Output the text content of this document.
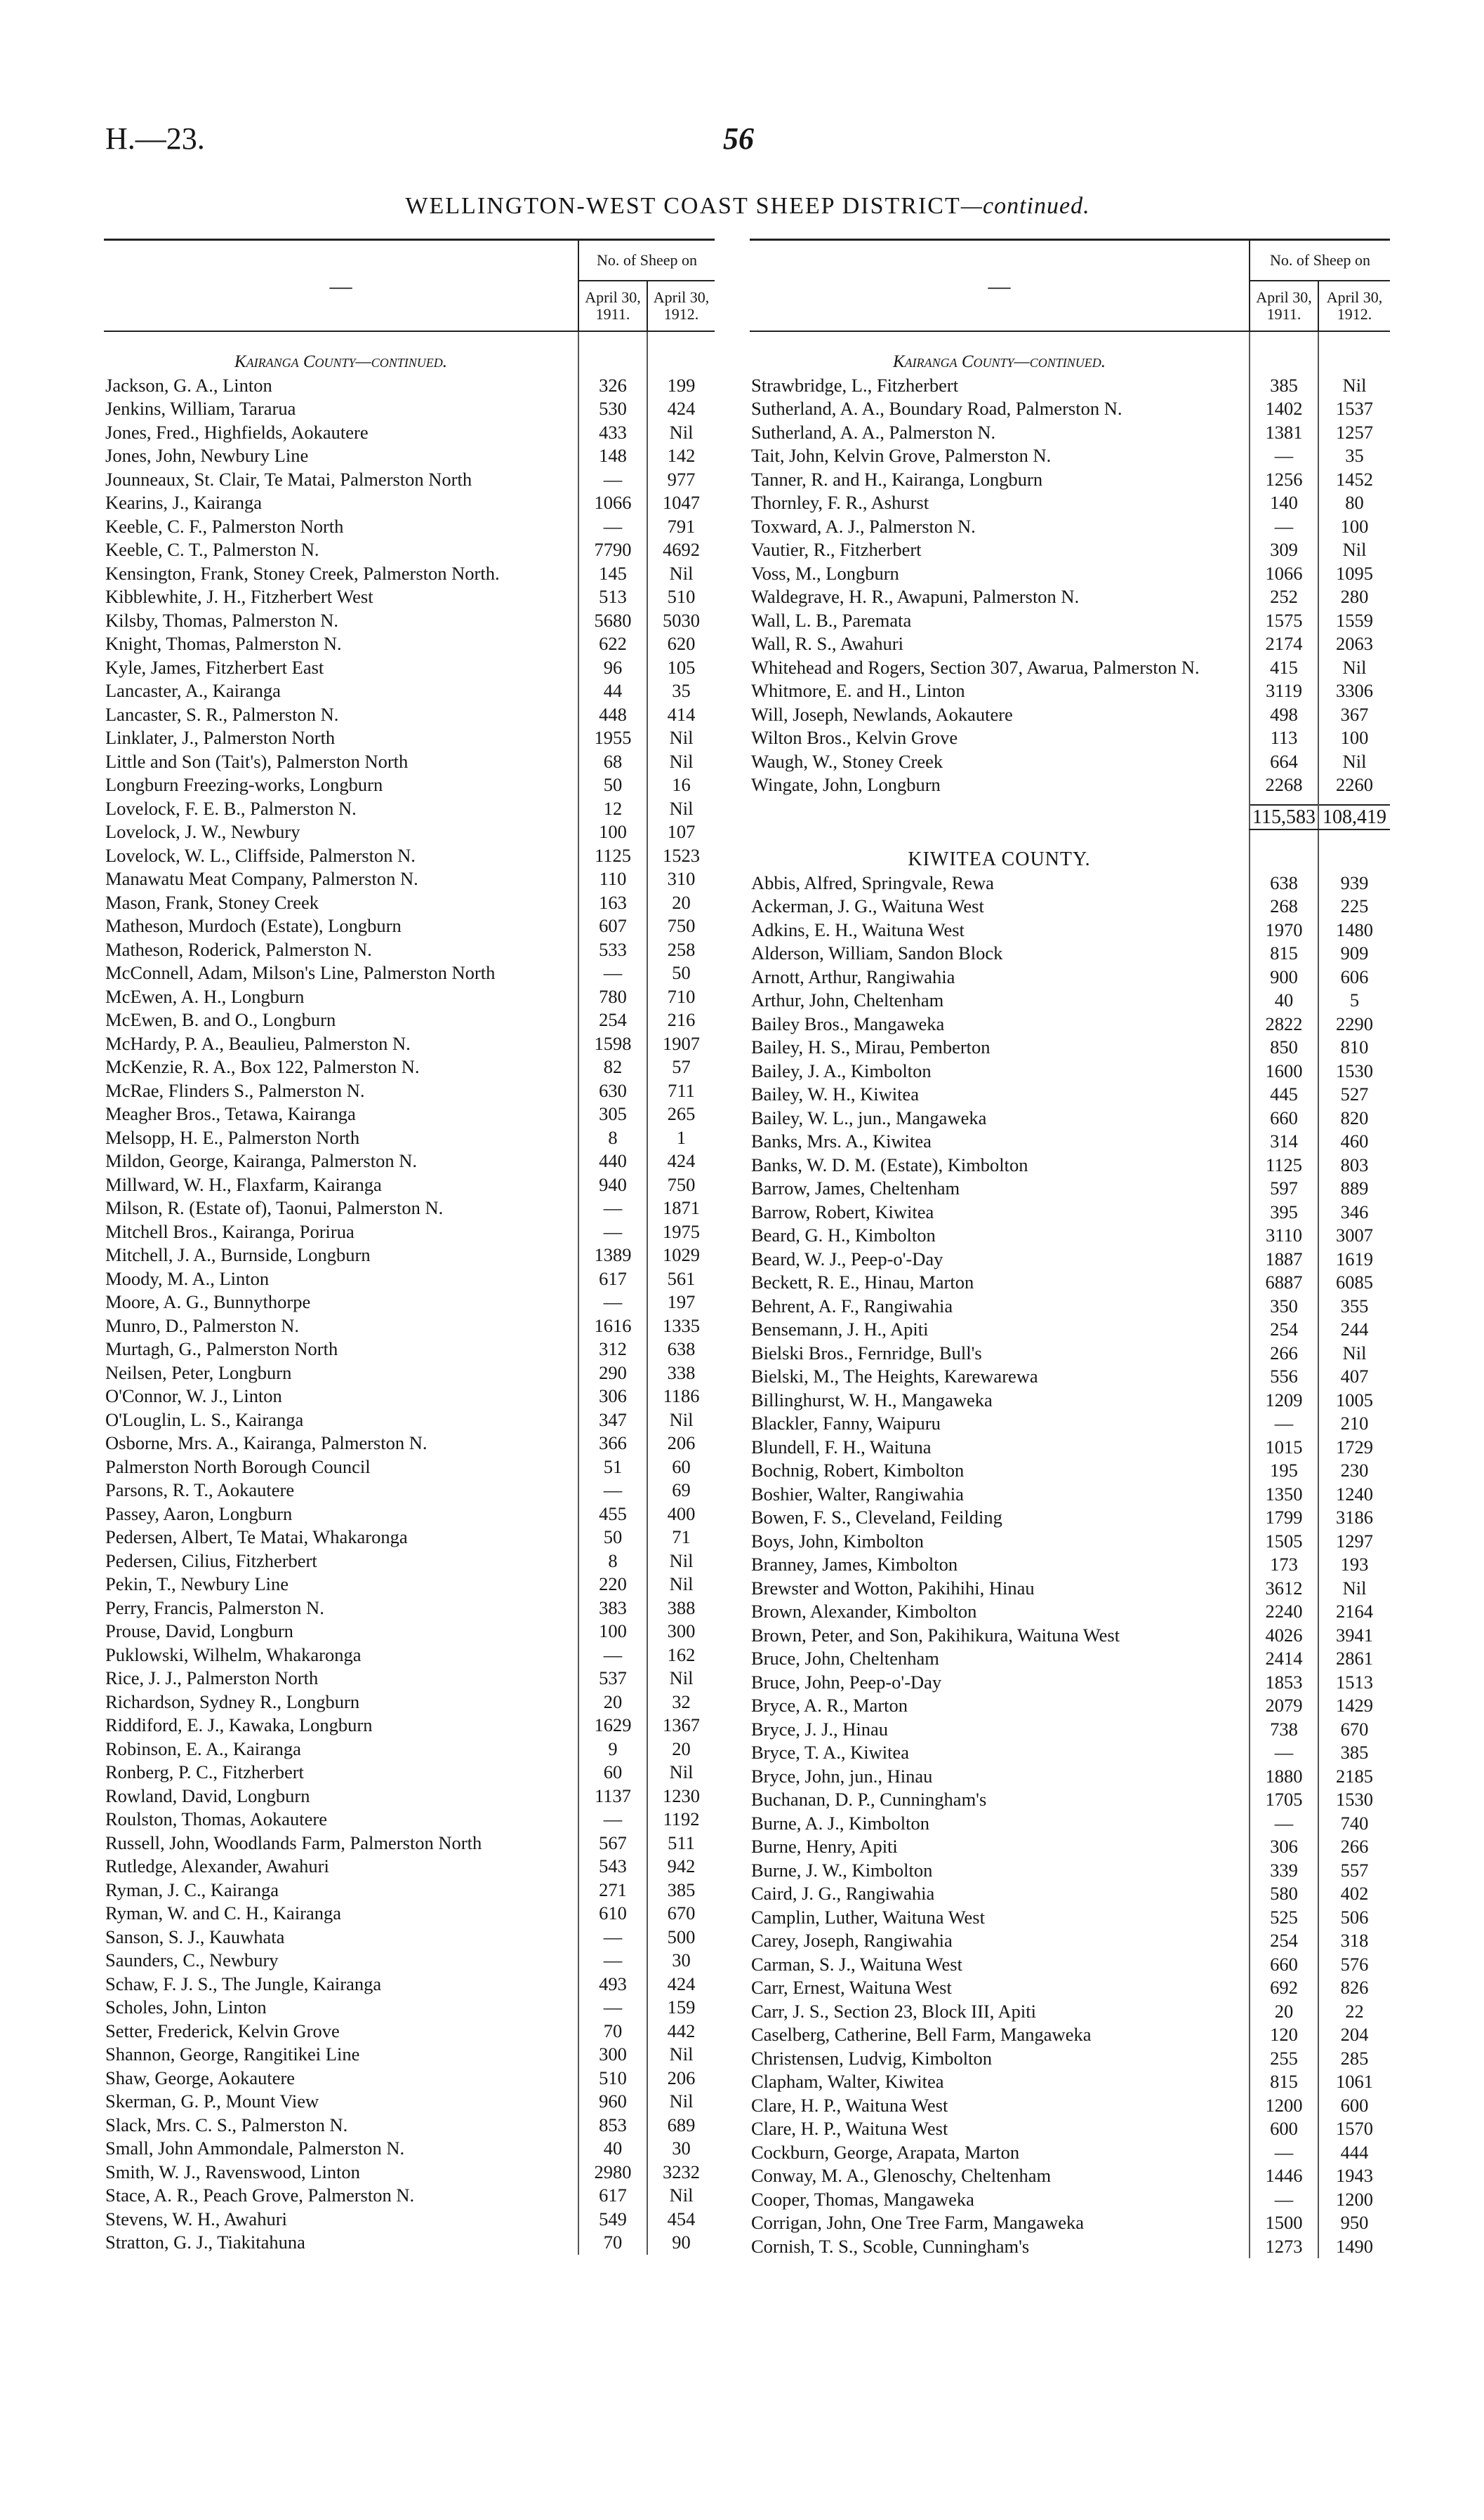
H.—23.	56
WELLINGTON-WEST COAST SHEEP DISTRICT—continued.
—	No. of Sheep on	
	April 30, 1911.	April 30, 1912.
Kairanga County—continued.		
Jackson, G. A., Linton	326	199
Jenkins, William, Tararua	530	424
Jones, Fred., Highfields, Aokautere	433	Nil
Jones, John, Newbury Line	148	142
Jounneaux, St. Clair, Te Matai, Palmerston North	—	977
Kearins, J., Kairanga	1066	1047
Keeble, C. F., Palmerston North	—	791
Keeble, C. T., Palmerston N.	7790	4692
Kensington, Frank, Stoney Creek, Palmerston North.	145	Nil
Kibblewhite, J. H., Fitzherbert West	513	510
Kilsby, Thomas, Palmerston N.	5680	5030
Knight, Thomas, Palmerston N.	622	620
Kyle, James, Fitzherbert East	96	105
Lancaster, A., Kairanga	44	35
Lancaster, S. R., Palmerston N.	448	414
Linklater, J., Palmerston North	1955	Nil
Little and Son (Tait's), Palmerston North	68	Nil
Longburn Freezing-works, Longburn	50	16
Lovelock, F. E. B., Palmerston N.	12	Nil
Lovelock, J. W., Newbury	100	107
Lovelock, W. L., Cliffside, Palmerston N.	1125	1523
Manawatu Meat Company, Palmerston N.	110	310
Mason, Frank, Stoney Creek	163	20
Matheson, Murdoch (Estate), Longburn	607	750
Matheson, Roderick, Palmerston N.	533	258
McConnell, Adam, Milson's Line, Palmerston North	—	50
McEwen, A. H., Longburn	780	710
McEwen, B. and O., Longburn	254	216
McHardy, P. A., Beaulieu, Palmerston N.	1598	1907
McKenzie, R. A., Box 122, Palmerston N.	82	57
McRae, Flinders S., Palmerston N.	630	711
Meagher Bros., Tetawa, Kairanga	305	265
Melsopp, H. E., Palmerston North	8	1
Mildon, George, Kairanga, Palmerston N.	440	424
Millward, W. H., Flaxfarm, Kairanga	940	750
Milson, R. (Estate of), Taonui, Palmerston N.	—	1871
Mitchell Bros., Kairanga, Porirua	—	1975
Mitchell, J. A., Burnside, Longburn	1389	1029
Moody, M. A., Linton	617	561
Moore, A. G., Bunnythorpe	—	197
Munro, D., Palmerston N.	1616	1335
Murtagh, G., Palmerston North	312	638
Neilsen, Peter, Longburn	290	338
O'Connor, W. J., Linton	306	1186
O'Louglin, L. S., Kairanga	347	Nil
Osborne, Mrs. A., Kairanga, Palmerston N.	366	206
Palmerston North Borough Council	51	60
Parsons, R. T., Aokautere	—	69
Passey, Aaron, Longburn	455	400
Pedersen, Albert, Te Matai, Whakaronga	50	71
Pedersen, Cilius, Fitzherbert	8	Nil
Pekin, T., Newbury Line	220	Nil
Perry, Francis, Palmerston N.	383	388
Prouse, David, Longburn	100	300
Puklowski, Wilhelm, Whakaronga	—	162
Rice, J. J., Palmerston North	537	Nil
Richardson, Sydney R., Longburn	20	32
Riddiford, E. J., Kawaka, Longburn	1629	1367
Robinson, E. A., Kairanga	9	20
Ronberg, P. C., Fitzherbert	60	Nil
Rowland, David, Longburn	1137	1230
Roulston, Thomas, Aokautere	—	1192
Russell, John, Woodlands Farm, Palmerston North	567	511
Rutledge, Alexander, Awahuri	543	942
Ryman, J. C., Kairanga	271	385
Ryman, W. and C. H., Kairanga	610	670
Sanson, S. J., Kauwhata	—	500
Saunders, C., Newbury	—	30
Schaw, F. J. S., The Jungle, Kairanga	493	424
Scholes, John, Linton	—	159
Setter, Frederick, Kelvin Grove	70	442
Shannon, George, Rangitikei Line	300	Nil
Shaw, George, Aokautere	510	206
Skerman, G. P., Mount View	960	Nil
Slack, Mrs. C. S., Palmerston N.	853	689
Small, John Ammondale, Palmerston N.	40	30
Smith, W. J., Ravenswood, Linton	2980	3232
Stace, A. R., Peach Grove, Palmerston N.	617	Nil
Stevens, W. H., Awahuri	549	454
Stratton, G. J., Tiakitahuna	70	90
—	No. of Sheep on	
	April 30, 1911.	April 30, 1912.
Kairanga County—continued.		
Strawbridge, L., Fitzherbert	385	Nil
Sutherland, A. A., Boundary Road, Palmerston N.	1402	1537
Sutherland, A. A., Palmerston N.	1381	1257
Tait, John, Kelvin Grove, Palmerston N.	—	35
Tanner, R. and H., Kairanga, Longburn	1256	1452
Thornley, F. R., Ashurst	140	80
Toxward, A. J., Palmerston N.	—	100
Vautier, R., Fitzherbert	309	Nil
Voss, M., Longburn	1066	1095
Waldegrave, H. R., Awapuni, Palmerston N.	252	280
Wall, L. B., Paremata	1575	1559
Wall, R. S., Awahuri	2174	2063
Whitehead and Rogers, Section 307, Awarua, Palmerston N.	415	Nil
Whitmore, E. and H., Linton	3119	3306
Will, Joseph, Newlands, Aokautere	498	367
Wilton Bros., Kelvin Grove	113	100
Waugh, W., Stoney Creek	664	Nil
Wingate, John, Longburn	2268	2260

	115,583	108,419
KIWITEA COUNTY.		
Abbis, Alfred, Springvale, Rewa	638	939
Ackerman, J. G., Waituna West	268	225
Adkins, E. H., Waituna West	1970	1480
Alderson, William, Sandon Block	815	909
Arnott, Arthur, Rangiwahia	900	606
Arthur, John, Cheltenham	40	5
Bailey Bros., Mangaweka	2822	2290
Bailey, H. S., Mirau, Pemberton	850	810
Bailey, J. A., Kimbolton	1600	1530
Bailey, W. H., Kiwitea	445	527
Bailey, W. L., jun., Mangaweka	660	820
Banks, Mrs. A., Kiwitea	314	460
Banks, W. D. M. (Estate), Kimbolton	1125	803
Barrow, James, Cheltenham	597	889
Barrow, Robert, Kiwitea	395	346
Beard, G. H., Kimbolton	3110	3007
Beard, W. J., Peep-o'-Day	1887	1619
Beckett, R. E., Hinau, Marton	6887	6085
Behrent, A. F., Rangiwahia	350	355
Bensemann, J. H., Apiti	254	244
Bielski Bros., Fernridge, Bull's	266	Nil
Bielski, M., The Heights, Karewarewa	556	407
Billinghurst, W. H., Mangaweka	1209	1005
Blackler, Fanny, Waipuru	—	210
Blundell, F. H., Waituna	1015	1729
Bochnig, Robert, Kimbolton	195	230
Boshier, Walter, Rangiwahia	1350	1240
Bowen, F. S., Cleveland, Feilding	1799	3186
Boys, John, Kimbolton	1505	1297
Branney, James, Kimbolton	173	193
Brewster and Wotton, Pakihihi, Hinau	3612	Nil
Brown, Alexander, Kimbolton	2240	2164
Brown, Peter, and Son, Pakihikura, Waituna West	4026	3941
Bruce, John, Cheltenham	2414	2861
Bruce, John, Peep-o'-Day	1853	1513
Bryce, A. R., Marton	2079	1429
Bryce, J. J., Hinau	738	670
Bryce, T. A., Kiwitea	—	385
Bryce, John, jun., Hinau	1880	2185
Buchanan, D. P., Cunningham's	1705	1530
Burne, A. J., Kimbolton	—	740
Burne, Henry, Apiti	306	266
Burne, J. W., Kimbolton	339	557
Caird, J. G., Rangiwahia	580	402
Camplin, Luther, Waituna West	525	506
Carey, Joseph, Rangiwahia	254	318
Carman, S. J., Waituna West	660	576
Carr, Ernest, Waituna West	692	826
Carr, J. S., Section 23, Block III, Apiti	20	22
Caselberg, Catherine, Bell Farm, Mangaweka	120	204
Christensen, Ludvig, Kimbolton	255	285
Clapham, Walter, Kiwitea	815	1061
Clare, H. P., Waituna West	1200	600
Clare, H. P., Waituna West	600	1570
Cockburn, George, Arapata, Marton	—	444
Conway, M. A., Glenoschy, Cheltenham	1446	1943
Cooper, Thomas, Mangaweka	—	1200
Corrigan, John, One Tree Farm, Mangaweka	1500	950
Cornish, T. S., Scoble, Cunningham's	1273	1490
